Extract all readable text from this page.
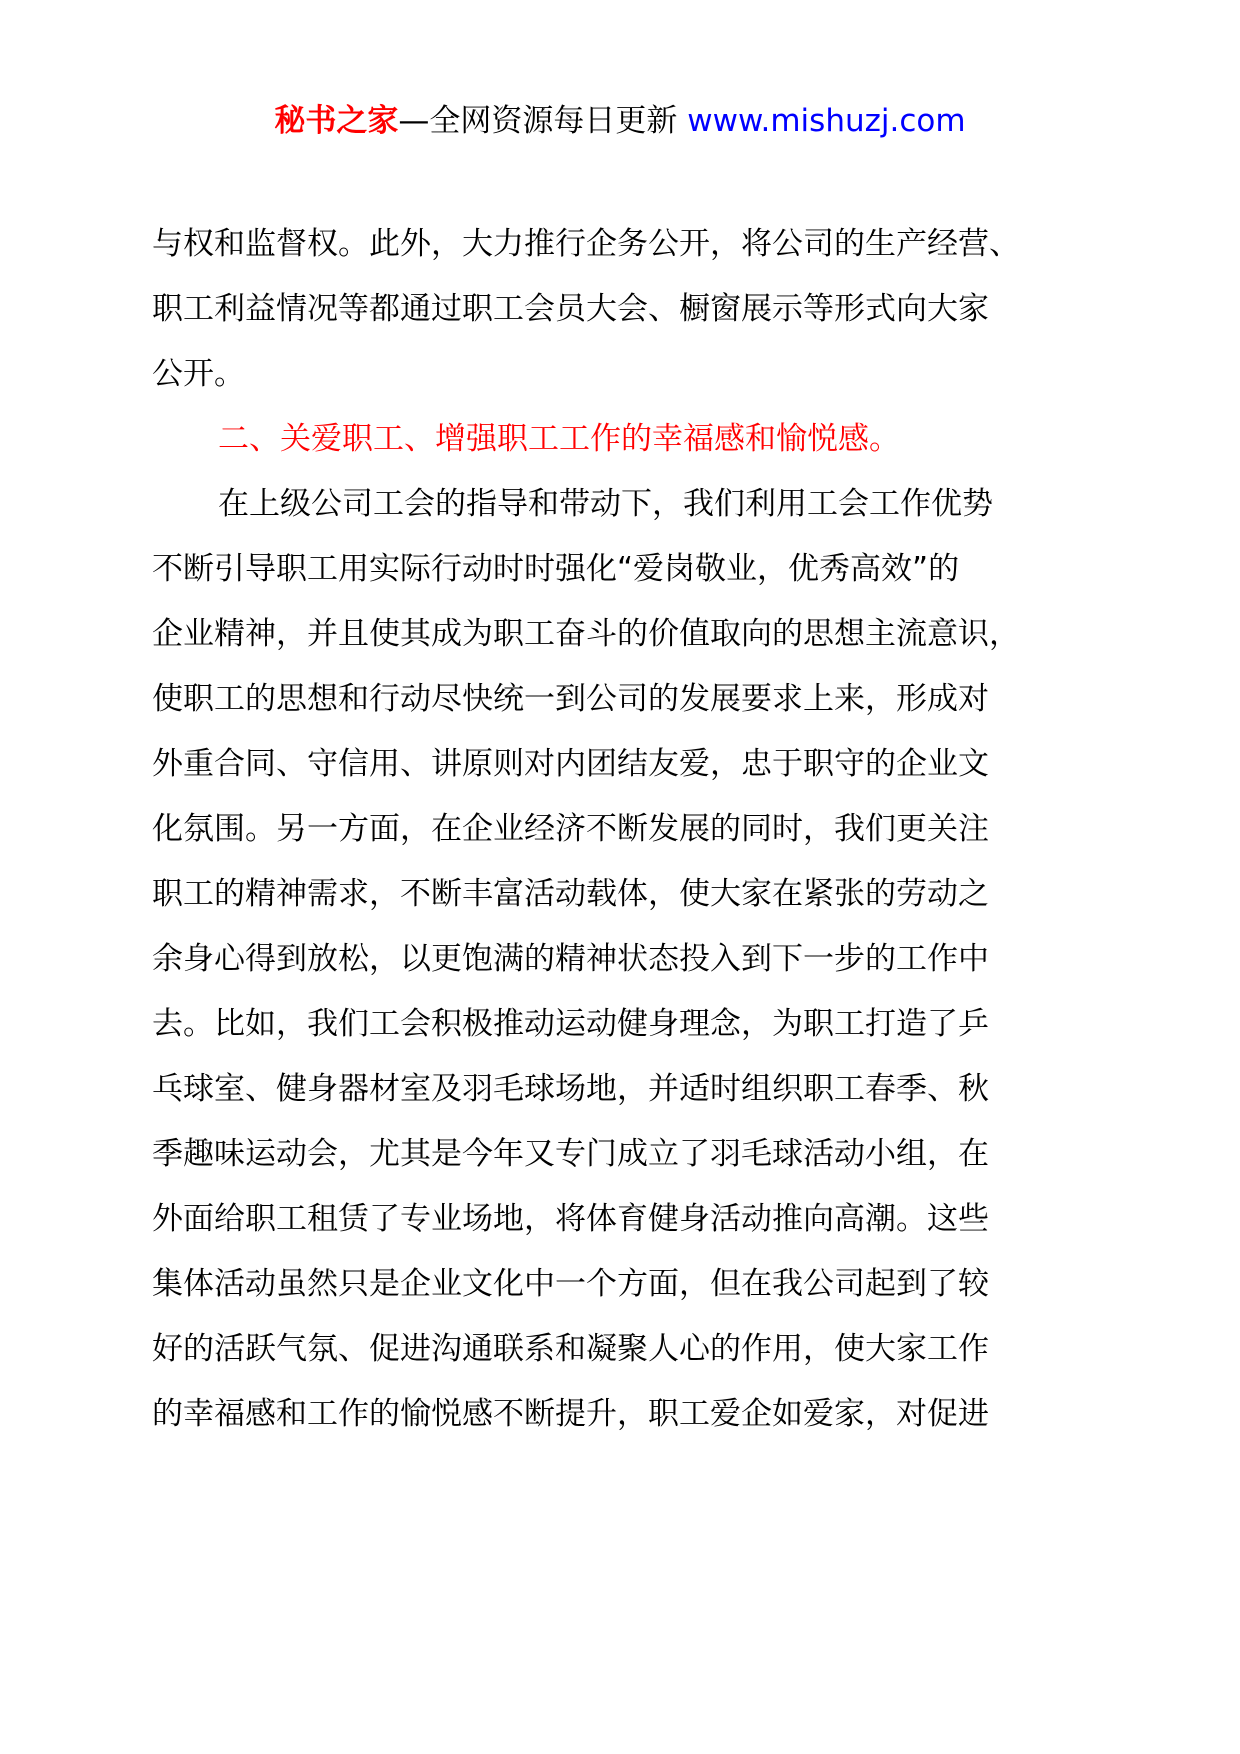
秘书之家—全网资源每日更新 www.mishuzj.com

与权和监督权。此外，大力推行企务公开，将公司的生产经营、
职工利益情况等都通过职工会员大会、橱窗展示等形式向大家
公开。

二、关爱职工、增强职工工作的幸福感和愉悦感。

在上级公司工会的指导和带动下，我们利用工会工作优势
不断引导职工用实际行动时时强化“爱岗敬业，优秀高效”的
企业精神，并且使其成为职工奋斗的价值取向的思想主流意识，
使职工的思想和行动尽快统一到公司的发展要求上来，形成对
外重合同、守信用、讲原则对内团结友爱，忠于职守的企业文
化氛围。另一方面，在企业经济不断发展的同时，我们更关注
职工的精神需求，不断丰富活动载体，使大家在紧张的劳动之
余身心得到放松，以更饱满的精神状态投入到下一步的工作中
去。比如，我们工会积极推动运动健身理念，为职工打造了乒
乓球室、健身器材室及羽毛球场地，并适时组织职工春季、秋
季趣味运动会，尤其是今年又专门成立了羽毛球活动小组，在
外面给职工租赁了专业场地，将体育健身活动推向高潮。这些
集体活动虽然只是企业文化中一个方面，但在我公司起到了较
好的活跃气氛、促进沟通联系和凝聚人心的作用，使大家工作
的幸福感和工作的愉悦感不断提升，职工爱企如爱家，对促进
